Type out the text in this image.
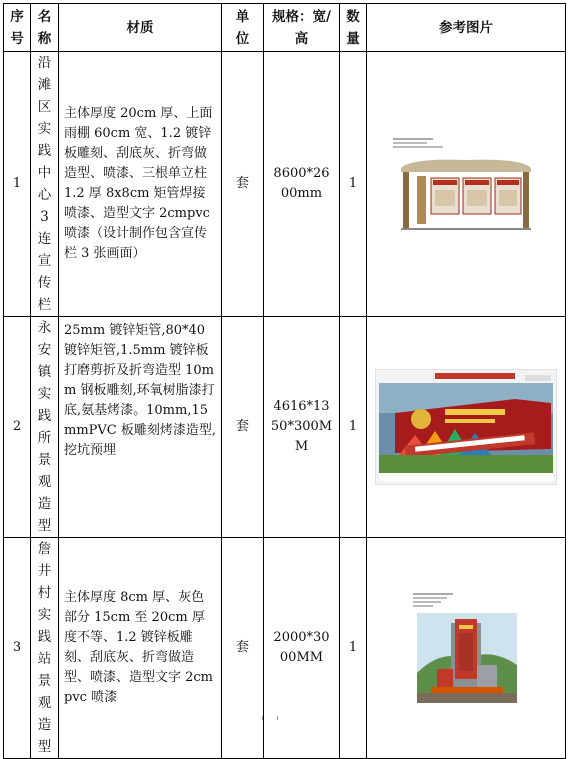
序号	名称	材质	单位	规格：宽/高	数量	参考图片
1	沿滩区实践中心3连宣传栏	主体厚度 20cm 厚、上面雨棚 60cm 宽、1.2 镀锌板雕刻、刮底灰、折弯做造型、喷漆、三根单立柱 1.2 厚 8x8cm 矩管焊接喷漆、造型文字 2cmpvc 喷漆（设计制作包含宣传栏 3 张画面）	套	8600*2600mm	1	

2	永安镇实践所景观造型	25mm 镀锌矩管,80*40 镀锌矩管,1.5mm 镀锌板打磨剪折及折弯造型 10mm 钢板雕刻,环氧树脂漆打底,氨基烤漆。10mm,15mmPVC 板雕刻烤漆造型,挖坑预埋	套	4616*1350*300MM	1	

3	詹井村实践站景观造型	主体厚度 8cm 厚、灰色部分 15cm 至 20cm 厚度不等、1.2 镀锌板雕刻、刮底灰、折弯做造型、喷漆、造型文字 2cmpvc 喷漆	套	2000*3000MM	1	
